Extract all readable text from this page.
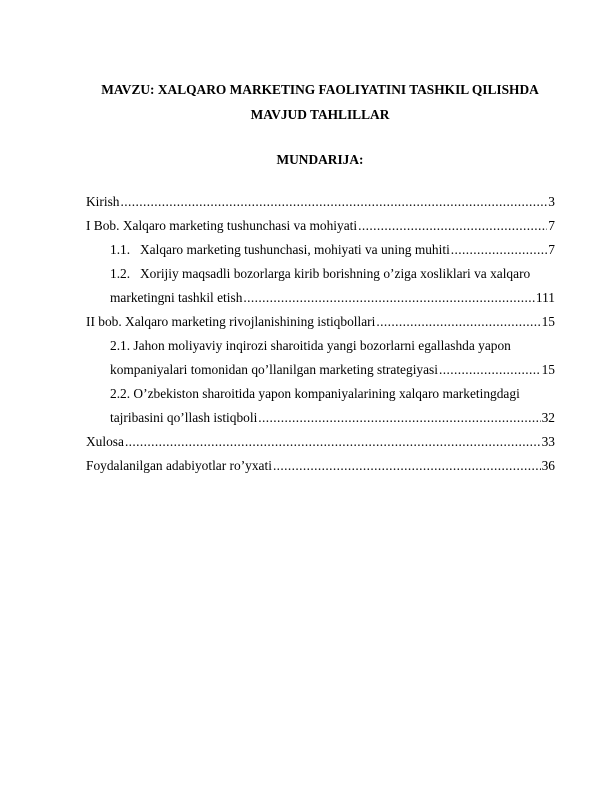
MAVZU: XALQARO MARKETING FAOLIYATINI TASHKIL QILISHDA
MAVJUD TAHLILLAR
MUNDARIJA:
Kirish .....	3
I Bob. Xalqaro marketing tushunchasi va mohiyati .....	7
1.1. Xalqaro marketing tushunchasi, mohiyati va uning muhiti .....	7
1.2. Xorijiy maqsadli bozorlarga kirib borishning o’ziga xosliklari va xalqaro
marketingni tashkil etish .....	111
II bob. Xalqaro marketing rivojlanishining istiqbollari .....	15
2.1. Jahon moliyaviy inqirozi sharoitida yangi bozorlarni egallashda yapon
kompaniyalari tomonidan qo’llanilgan marketing strategiyasi .....	15
2.2. O’zbekiston sharoitida yapon kompaniyalarining xalqaro marketingdagi
tajribasini qo’llash istiqboli .....	32
Xulosa .....	33
Foydalanilgan adabiyotlar ro’yxati .....	36
